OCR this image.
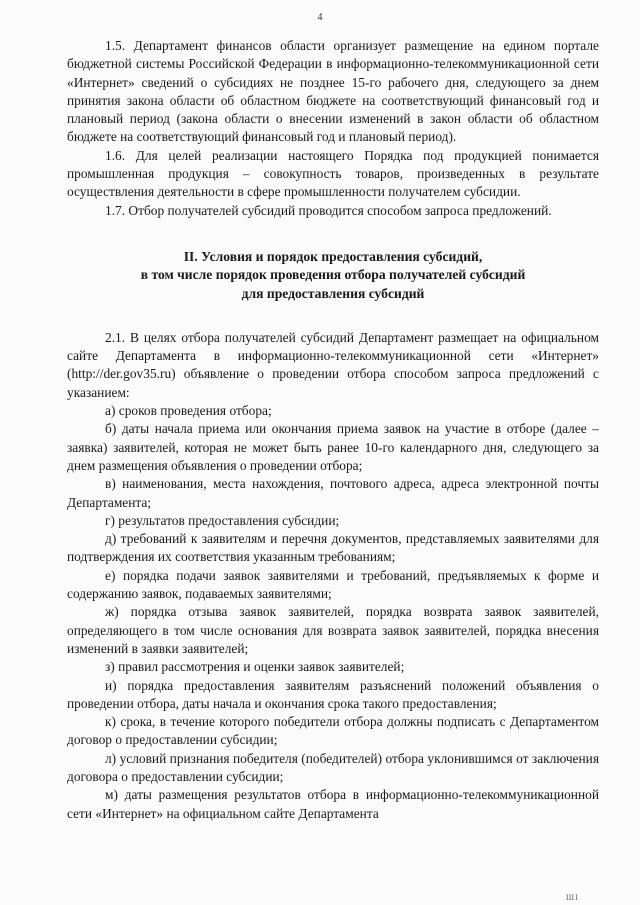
4

1.5. Департамент финансов области организует размещение на едином портале бюджетной системы Российской Федерации в информационно-телекоммуникационной сети «Интернет» сведений о субсидиях не позднее 15-го рабочего дня, следующего за днем принятия закона области об областном бюджете на соответствующий финансовый год и плановый период (закона области о внесении изменений в закон области об областном бюджете на соответствующий финансовый год и плановый период).

1.6. Для целей реализации настоящего Порядка под продукцией понимается промышленная продукция – совокупность товаров, произведенных в результате осуществления деятельности в сфере промышленности получателем субсидии.

1.7. Отбор получателей субсидий проводится способом запроса предложений.

II. Условия и порядок предоставления субсидий,
в том числе порядок проведения отбора получателей субсидий
для предоставления субсидий

2.1. В целях отбора получателей субсидий Департамент размещает на официальном сайте Департамента в информационно-телекоммуникационной сети «Интернет» (http://der.gov35.ru) объявление о проведении отбора способом запроса предложений с указанием:

а) сроков проведения отбора;

б) даты начала приема или окончания приема заявок на участие в отборе (далее – заявка) заявителей, которая не может быть ранее 10-го календарного дня, следующего за днем размещения объявления о проведении отбора;

в) наименования, места нахождения, почтового адреса, адреса электронной почты Департамента;

г) результатов предоставления субсидии;

д) требований к заявителям и перечня документов, представляемых заявителями для подтверждения их соответствия указанным требованиям;

е) порядка подачи заявок заявителями и требований, предъявляемых к форме и содержанию заявок, подаваемых заявителями;

ж) порядка отзыва заявок заявителей, порядка возврата заявок заявителей, определяющего в том числе основания для возврата заявок заявителей, порядка внесения изменений в заявки заявителей;

з) правил рассмотрения и оценки заявок заявителей;

и) порядка предоставления заявителям разъяснений положений объявления о проведении отбора, даты начала и окончания срока такого предоставления;

к) срока, в течение которого победители отбора должны подписать с Департаментом договор о предоставлении субсидии;

л) условий признания победителя (победителей) отбора уклонившимся от заключения договора о предоставлении субсидии;

м) даты размещения результатов отбора в информационно-телекоммуникационной сети «Интернет» на официальном сайте Департамента

ШI
